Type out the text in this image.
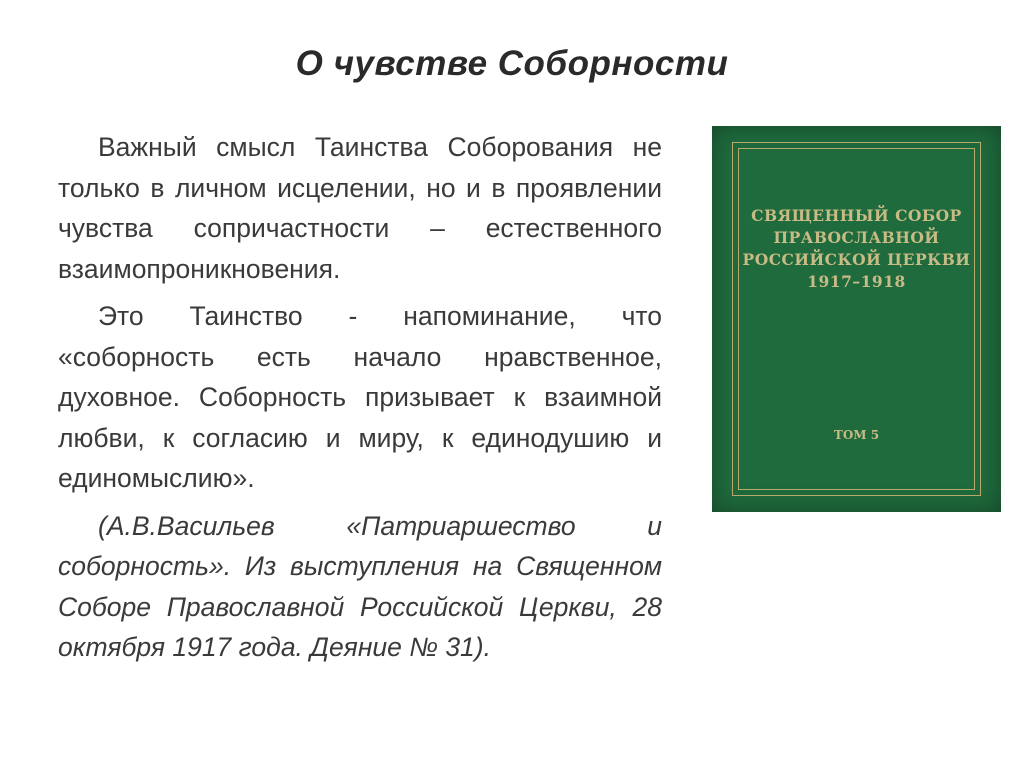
О чувстве Соборности

Важный смысл Таинства Соборования не только в личном исцелении, но и в проявлении чувства сопричастности – естественного взаимопроникновения.

Это Таинство - напоминание, что «соборность есть начало нравственное, духовное. Соборность призывает к взаимной любви, к согласию и миру, к единодушию и единомыслию».

(А.В.Васильев «Патриаршество и соборность». Из выступления на Священном Соборе Православной Российской Церкви, 28 октября 1917 года. Деяние № 31).

СВЯЩЕННЫЙ СОБОР
ПРАВОСЛАВНОЙ
РОССИЙСКОЙ ЦЕРКВИ
1917–1918
ТОМ 5
